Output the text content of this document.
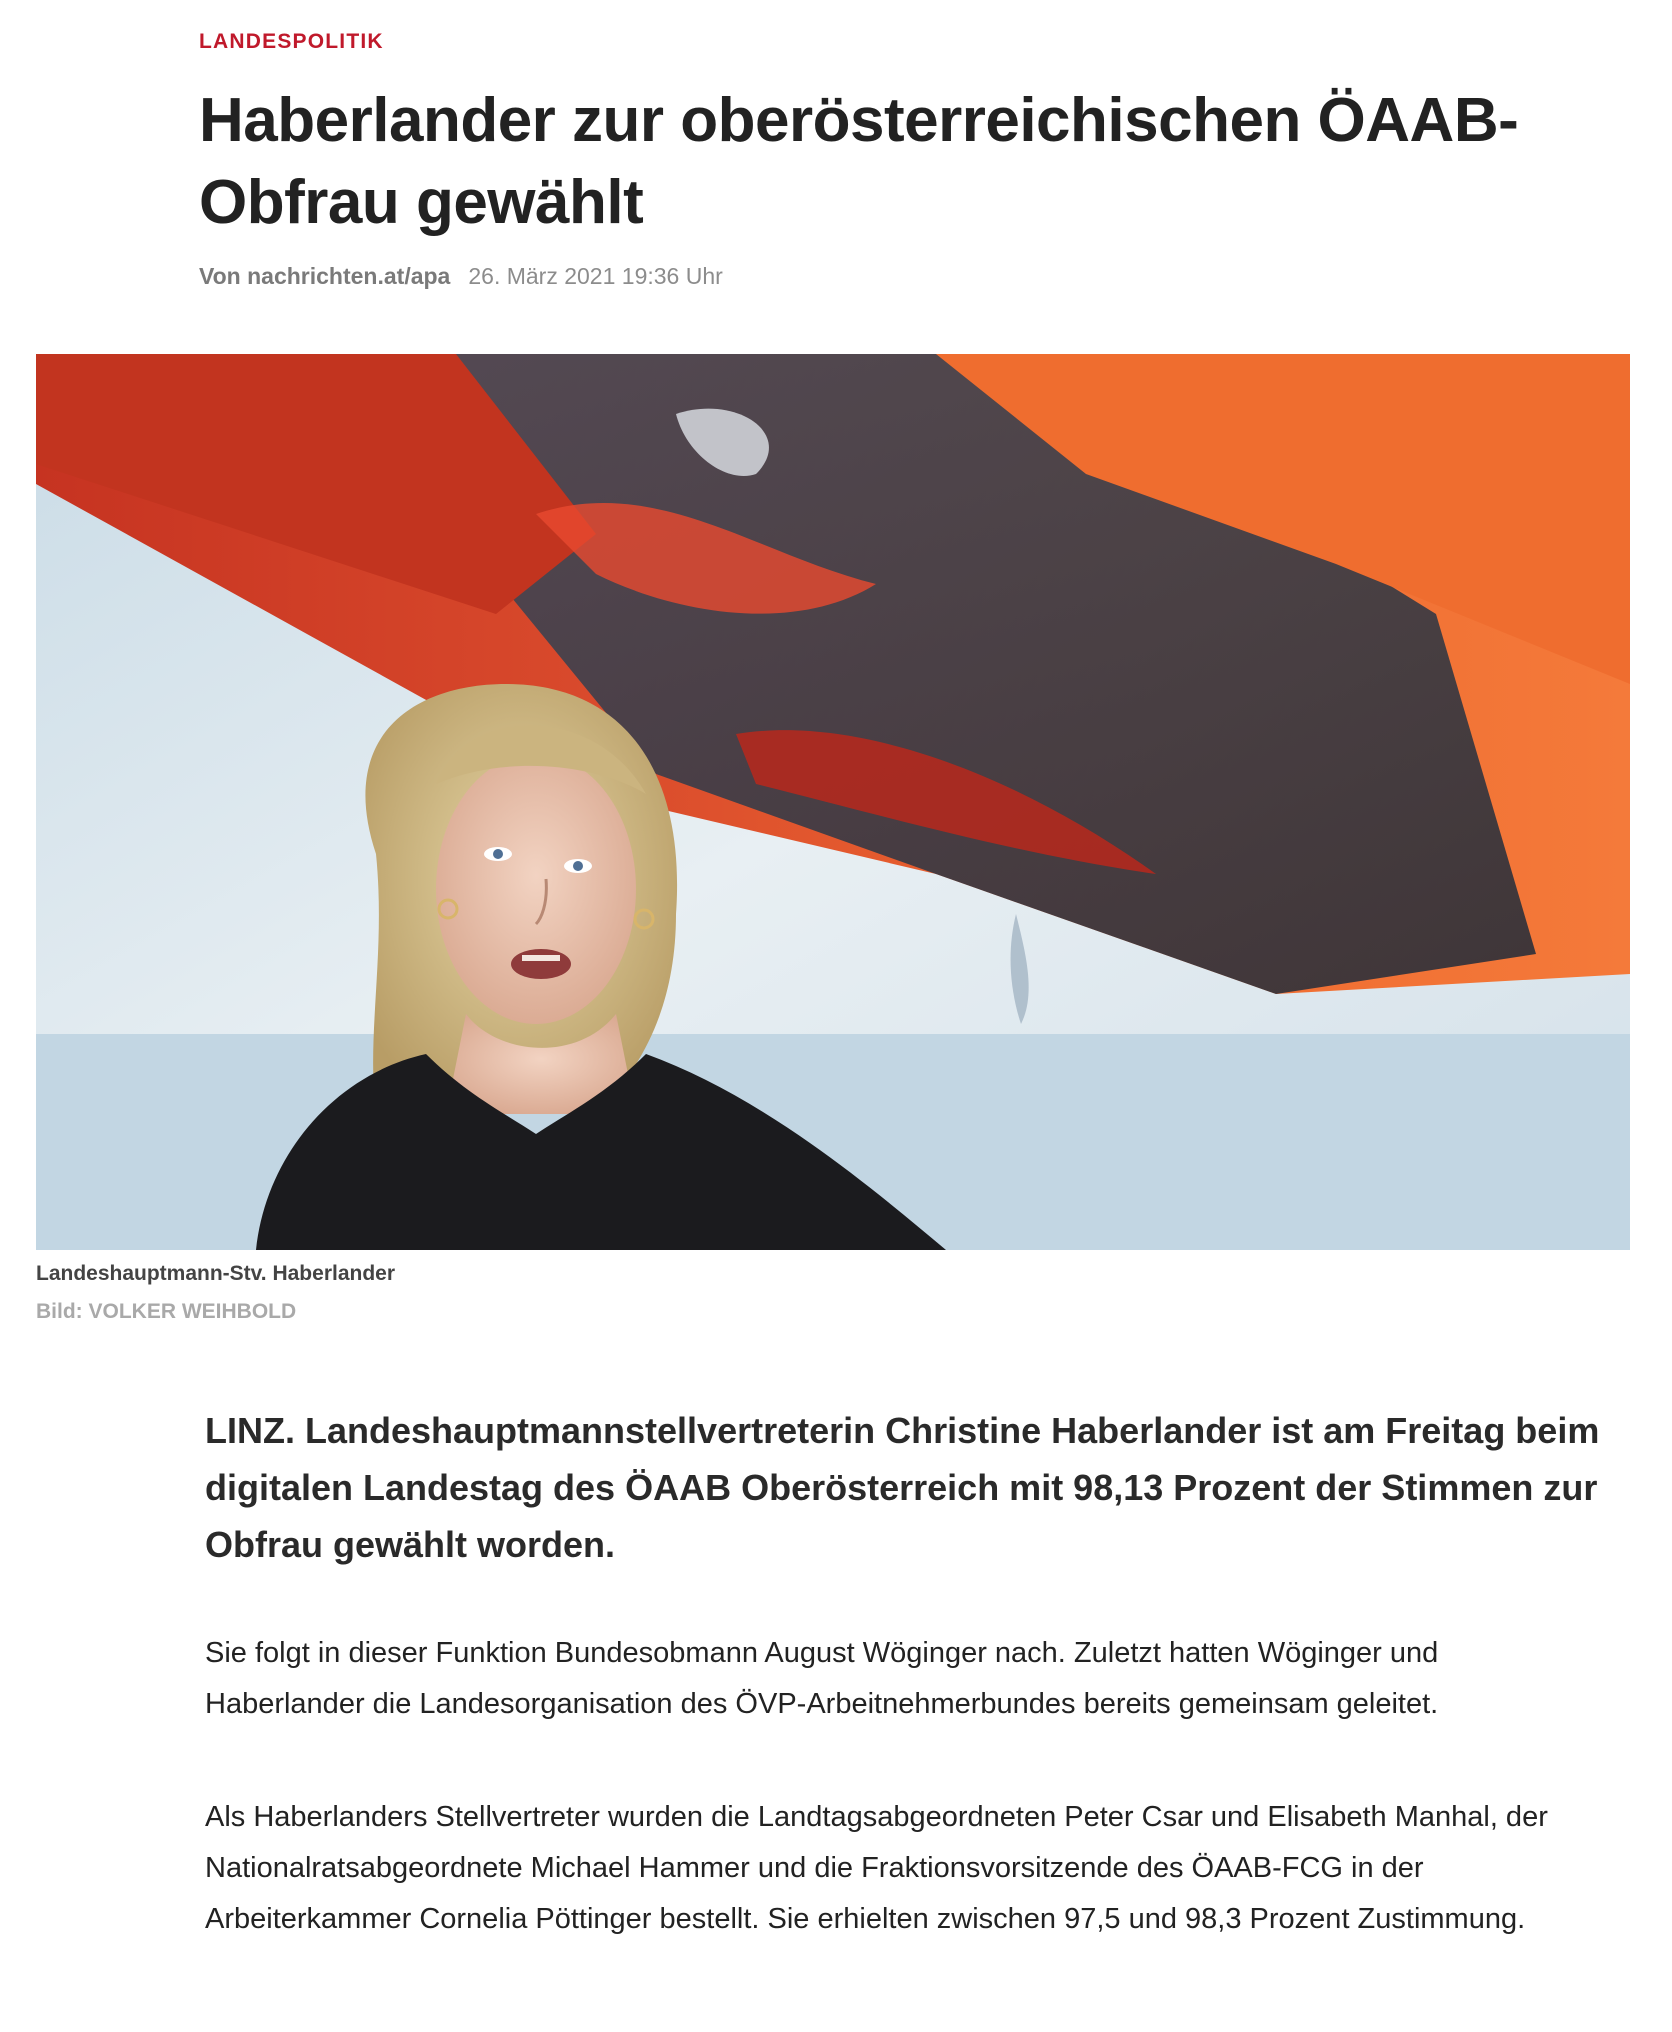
LANDESPOLITIK
Haberlander zur oberösterreichischen ÖAAB-Obfrau gewählt
Von nachrichten.at/apa 26. März 2021 19:36 Uhr
Landeshauptmann-Stv. Haberlander
Bild: VOLKER WEIHBOLD

LINZ. Landeshauptmannstellvertreterin Christine Haberlander ist am Freitag beim digitalen Landestag des ÖAAB Oberösterreich mit 98,13 Prozent der Stimmen zur Obfrau gewählt worden.

Sie folgt in dieser Funktion Bundesobmann August Wöginger nach. Zuletzt hatten Wöginger und Haberlander die Landesorganisation des ÖVP-Arbeitnehmerbundes bereits gemeinsam geleitet.

Als Haberlanders Stellvertreter wurden die Landtagsabgeordneten Peter Csar und Elisabeth Manhal, der Nationalratsabgeordnete Michael Hammer und die Fraktionsvorsitzende des ÖAAB-FCG in der Arbeiterkammer Cornelia Pöttinger bestellt. Sie erhielten zwischen 97,5 und 98,3 Prozent Zustimmung.
